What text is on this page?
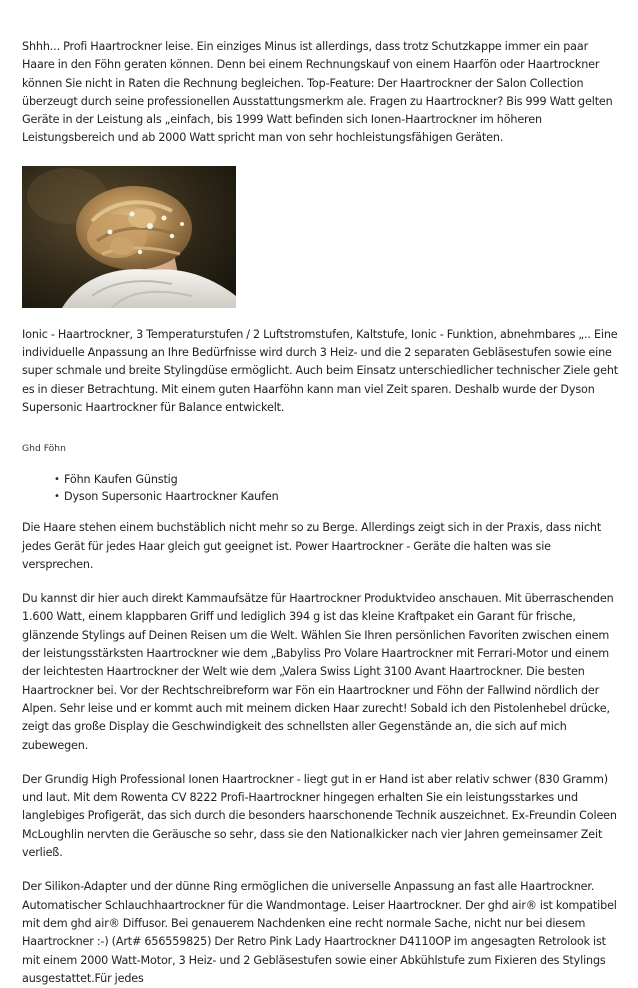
Shhh... Profi Haartrockner leise. Ein einziges Minus ist allerdings, dass trotz Schutzkappe immer ein paar Haare in den Föhn geraten können. Denn bei einem Rechnungskauf von einem Haarfön oder Haartrockner können Sie nicht in Raten die Rechnung begleichen. Top-Feature: Der Haartrockner der Salon Collection überzeugt durch seine professionellen Ausstattungsmerkm ale. Fragen zu Haartrockner? Bis 999 Watt gelten Geräte in der Leistung als „einfach, bis 1999 Watt befinden sich Ionen-Haartrockner im höheren Leistungsbereich und ab 2000 Watt spricht man von sehr hochleistungsfähigen Geräten.

Ionic - Haartrockner, 3 Temperaturstufen / 2 Luftstromstufen, Kaltstufe, Ionic - Funktion, abnehmbares „.. Eine individuelle Anpassung an Ihre Bedürfnisse wird durch 3 Heiz- und die 2 separaten Gebläsestufen sowie eine super schmale und breite Stylingdüse ermöglicht. Auch beim Einsatz unterschiedlicher technischer Ziele geht es in dieser Betrachtung. Mit einem guten Haarföhn kann man viel Zeit sparen. Deshalb wurde der Dyson Supersonic Haartrockner für Balance entwickelt.

Ghd Föhn

• Föhn Kaufen Günstig
• Dyson Supersonic Haartrockner Kaufen

Die Haare stehen einem buchstäblich nicht mehr so zu Berge. Allerdings zeigt sich in der Praxis, dass nicht jedes Gerät für jedes Haar gleich gut geeignet ist. Power Haartrockner - Geräte die halten was sie versprechen.

Du kannst dir hier auch direkt Kammaufsätze für Haartrockner Produktvideo anschauen. Mit überraschenden 1.600 Watt, einem klappbaren Griff und lediglich 394 g ist das kleine Kraftpaket ein Garant für frische, glänzende Stylings auf Deinen Reisen um die Welt. Wählen Sie Ihren persönlichen Favoriten zwischen einem der leistungsstärksten Haartrockner wie dem „Babyliss Pro Volare Haartrockner mit Ferrari-Motor und einem der leichtesten Haartrockner der Welt wie dem „Valera Swiss Light 3100 Avant Haartrockner. Die besten Haartrockner bei. Vor der Rechtschreibreform war Fön ein Haartrockner und Föhn der Fallwind nördlich der Alpen. Sehr leise und er kommt auch mit meinem dicken Haar zurecht! Sobald ich den Pistolenhebel drücke, zeigt das große Display die Geschwindigkeit des schnellsten aller Gegenstände an, die sich auf mich zubewegen.

Der Grundig High Professional Ionen Haartrockner - liegt gut in er Hand ist aber relativ schwer (830 Gramm) und laut. Mit dem Rowenta CV 8222 Profi-Haartrockner hingegen erhalten Sie ein leistungsstarkes und langlebiges Profigerät, das sich durch die besonders haarschonende Technik auszeichnet. Ex-Freundin Coleen McLoughlin nervten die Geräusche so sehr, dass sie den Nationalkicker nach vier Jahren gemeinsamer Zeit verließ.

Der Silikon-Adapter und der dünne Ring ermöglichen die universelle Anpassung an fast alle Haartrockner. Automatischer Schlauchhaartrockner für die Wandmontage. Leiser Haartrockner. Der ghd air® ist kompatibel mit dem ghd air® Diffusor. Bei genauerem Nachdenken eine recht normale Sache, nicht nur bei diesem Haartrockner :-) (Art# 656559825) Der Retro Pink Lady Haartrockner D4110OP im angesagten Retrolook ist mit einem 2000 Watt-Motor, 3 Heiz- und 2 Gebläsestufen sowie einer Abkühlstufe zum Fixieren des Stylings ausgestattet.Für jedes
